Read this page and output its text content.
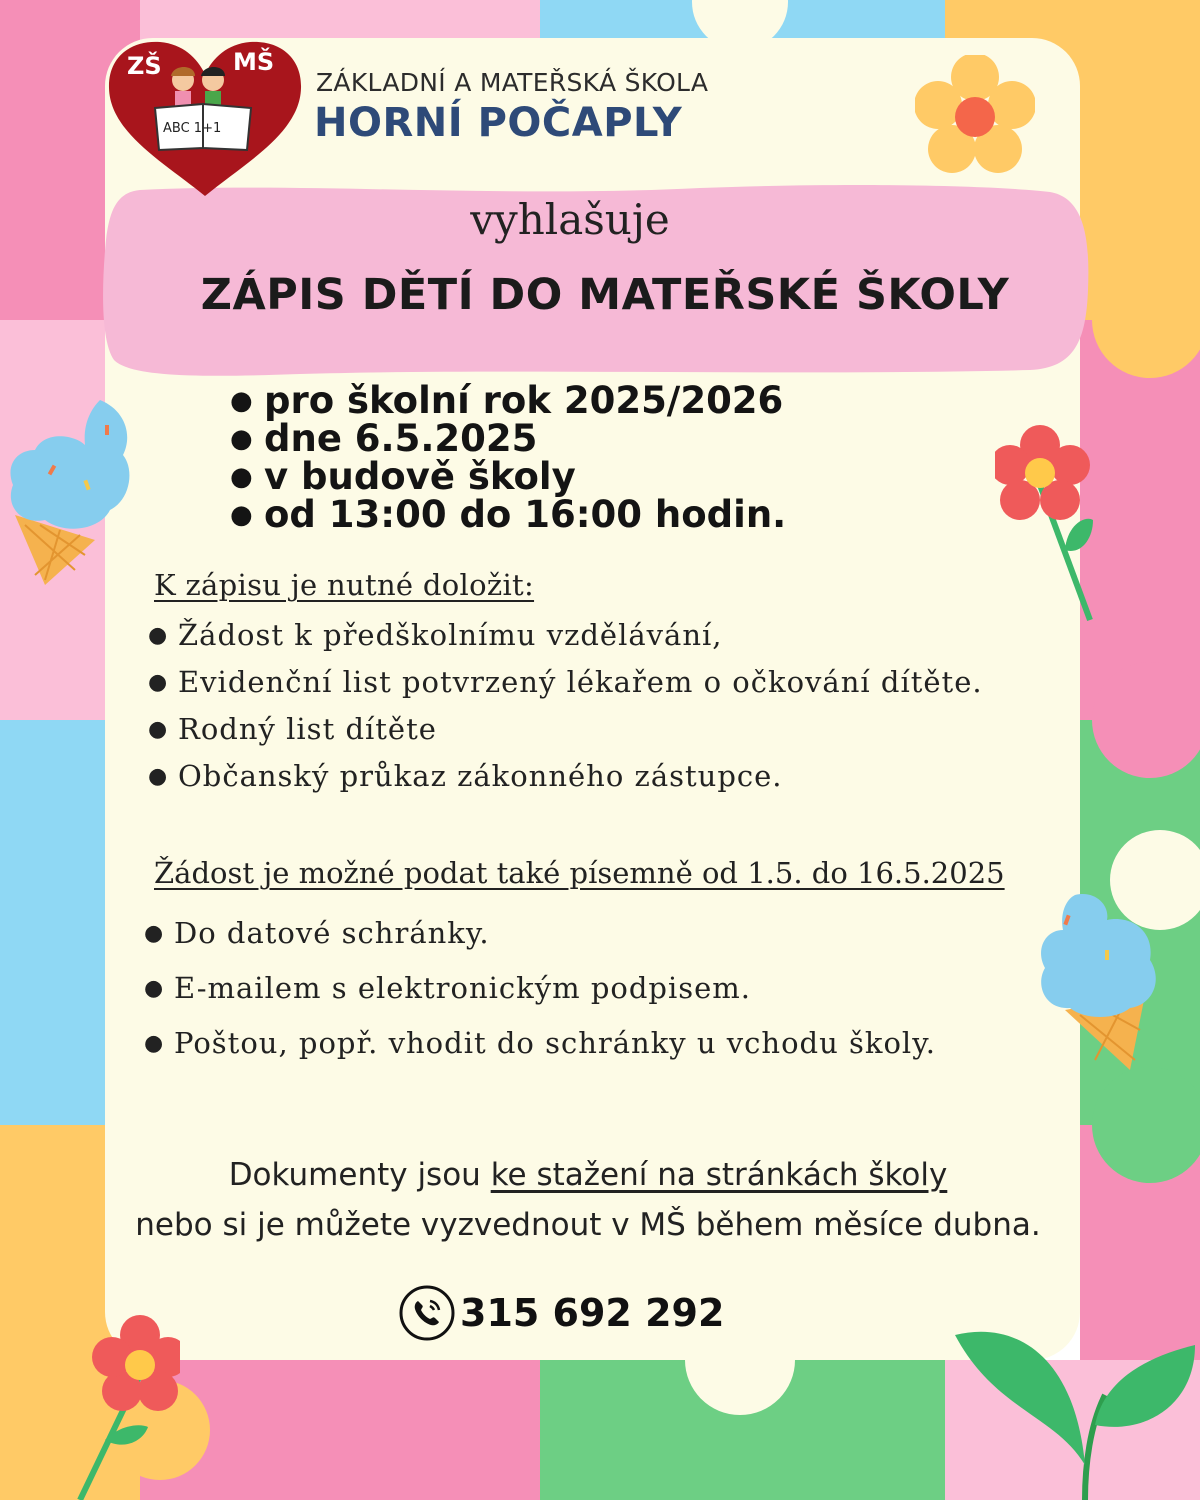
ZŠ	MŠ
ABC 1+1
ZÁKLADNÍ A MATEŘSKÁ ŠKOLA
HORNÍ POČAPLY
vyhlašuje
ZÁPIS DĚTÍ DO MATEŘSKÉ ŠKOLY
● pro školní rok 2025/2026
● dne 6.5.2025
● v budově školy
● od 13:00 do 16:00 hodin.
K zápisu je nutné doložit:
● Žádost k předškolnímu vzdělávání,
● Evidenční list potvrzený lékařem o očkování dítěte.
● Rodný list dítěte
● Občanský průkaz zákonného zástupce.
Žádost je možné podat také písemně od 1.5. do 16.5.2025
● Do datové schránky.
● E-mailem s elektronickým podpisem.
● Poštou, popř. vhodit do schránky u vchodu školy.
Dokumenty jsou ke stažení na stránkách školy
nebo si je můžete vyzvednout v MŠ během měsíce dubna.
315 692 292
